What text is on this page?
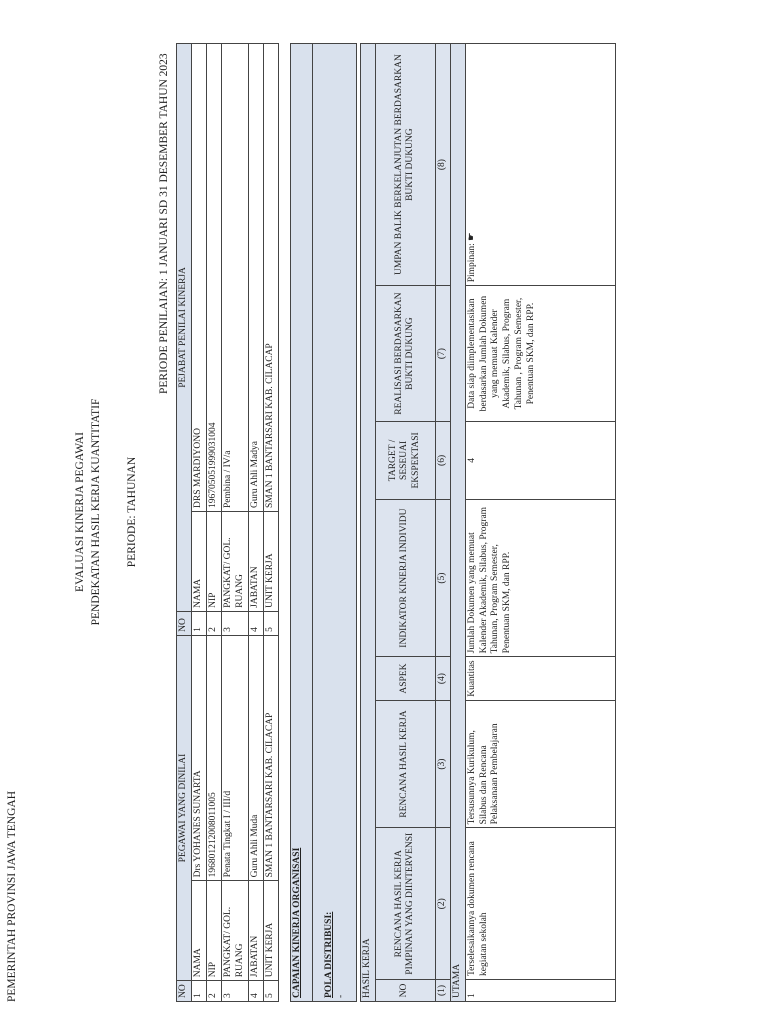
PEMERINTAH PROVINSI JAWA TENGAH
EVALUASI KINERJA PEGAWAI PENDEKATAN HASIL KERJA KUANTITATIF PERIODE: TAHUNAN
PERIODE PENILAIAN: 1 JANUARI SD 31 DESEMBER TAHUN 2023
NO	PEGAWAI YANG DINILAI		NO	PEJABAT PENILAI KINERJA	
1	NAMA	Drs YOHANES SUNARTA	1	NAMA	DRS MARDIYONO
2	NIP	196801212008011005	2	NIP	196705051999031004
3	PANGKAT/ GOL. RUANG	Penata Tingkat I / III/d	3	PANGKAT/ GOL. RUANG	Pembina / IV/a
4	JABATAN	Guru Ahli Muda	4	JABATAN	Guru Ahli Madya
5	UNIT KERJA	SMAN 1 BANTARSARI KAB. CILACAP	5	UNIT KERJA	SMAN 1 BANTARSARI KAB. CILACAP
CAPAIAN KINERJA ORGANISASI

POLA DISTRIBUSI: - HASIL KERJA							
NO	RENCANA HASIL KERJA PIMPINAN YANG DIINTERVENSI	RENCANA HASIL KERJA	ASPEK	INDIKATOR KINERJA INDIVIDU	TARGET / SESEUAI EKSPEKTASI	REALISASI BERDASARKAN BUKTI DUKUNG	UMPAN BALIK BERKELANJUTAN BERDASARKAN BUKTI DUKUNG
(1)	(2)	(3)	(4)	(5)	(6)	(7)	(8)
UTAMA							
1	Terselesaikannya dokumen rencana kegiatan sekolah	Tersusunnya Kurikulum, Silabus dan Rencana Pelaksanaan Pembelajaran	Kuantitas	Jumlah Dokumen yang memuat Kalender Akademik, Silabus, Program Tahunan, Program Semester, Penentuan SKM, dan RPP.	4	Data siap diimplementasikan berdasarkan Jumlah Dokumen yang memuat Kalender Akademik, Silabus, Program Tahunan , Program Semester, Penentuan SKM, dan RPP.	Pimpinan: ☛
